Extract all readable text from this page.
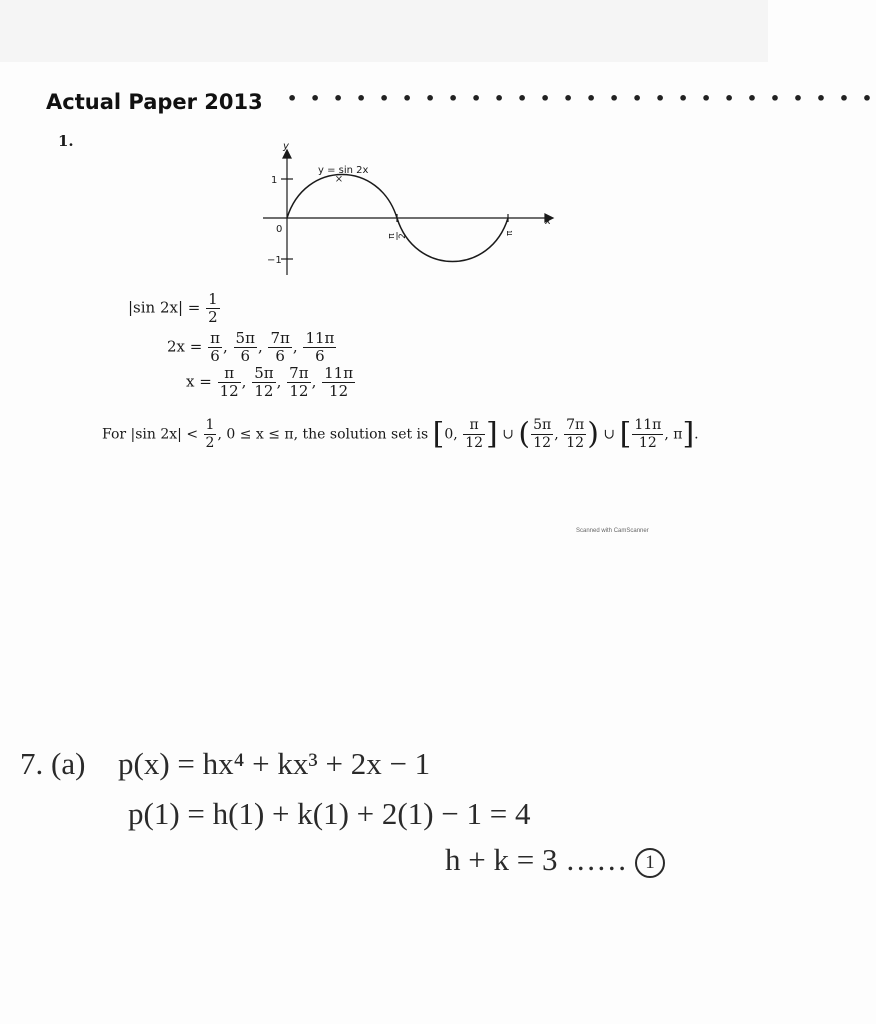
Actual Paper 2013 • • • • • • • • • • • • • • • • • • • • • • • • • •
1.
×
y
x
y = sin 2x
1
0
−1
π
π 2
|sin $2x| = \frac{1}{2}$
$2x = \frac{\pi}{6}$ , $\frac{5\pi}{6}$ , $\frac{7\pi}{6}$ , $\frac{11\pi}{6}$
$x = \frac{\pi}{12}$ , $\frac{5\pi}{12}$ , $\frac{7\pi}{12}$ , $\frac{11\pi}{12}$
For |sin $2x| < \frac{1}{2}$ , 0 ≤ x ≤ π, the solution set is [0, $\frac{\pi}{12}$ ] ∪ ( $\frac{5\pi}{12}$ , $\frac{7\pi}{12}$ ) ∪ [ $\frac{11\pi}{12}$ , π].
Scanned with CamScanner
7. (a) p(x) = hx⁴ + kx³ + 2x − 1
p(1) = h(1) + k(1) + 2(1) − 1 = 4
h + k = 3 …… 1
